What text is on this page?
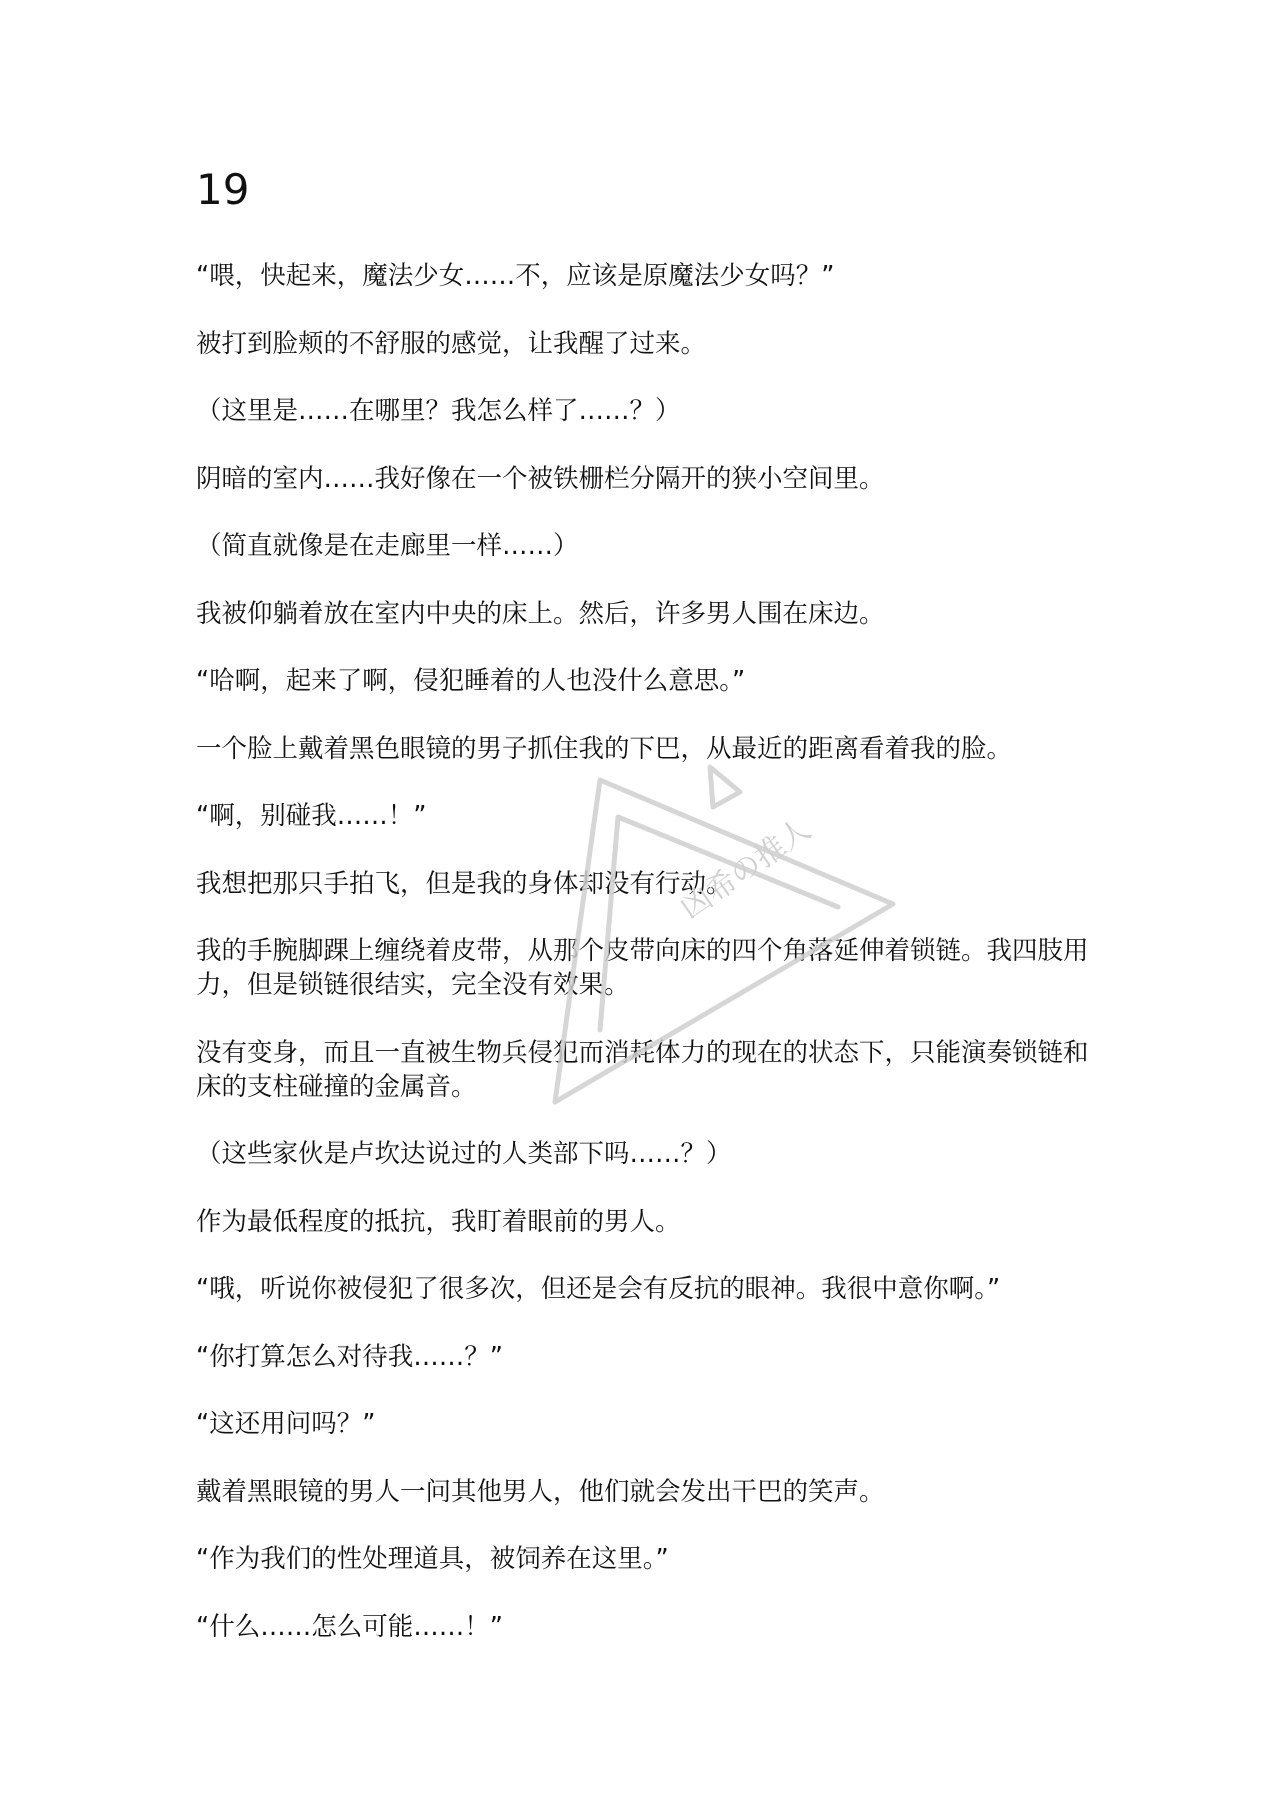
19

“喂，快起来，魔法少女……不，应该是原魔法少女吗？”

被打到脸颊的不舒服的感觉，让我醒了过来。

（这里是……在哪里？我怎么样了……？）

阴暗的室内……我好像在一个被铁栅栏分隔开的狭小空间里。

（简直就像是在走廊里一样……）

我被仰躺着放在室内中央的床上。然后，许多男人围在床边。

“哈啊，起来了啊，侵犯睡着的人也没什么意思。”

一个脸上戴着黑色眼镜的男子抓住我的下巴，从最近的距离看着我的脸。

“啊，别碰我……！”

我想把那只手拍飞，但是我的身体却没有行动。

我的手腕脚踝上缠绕着皮带，从那个皮带向床的四个角落延伸着锁链。我四肢用力，但是锁链很结实，完全没有效果。

没有变身，而且一直被生物兵侵犯而消耗体力的现在的状态下，只能演奏锁链和床的支柱碰撞的金属音。

（这些家伙是卢坎达说过的人类部下吗……？）

作为最低程度的抵抗，我盯着眼前的男人。

“哦，听说你被侵犯了很多次，但还是会有反抗的眼神。我很中意你啊。”

“你打算怎么对待我……？”

“这还用问吗？”

戴着黑眼镜的男人一问其他男人，他们就会发出干巴的笑声。

“作为我们的性处理道具，被饲养在这里。”

“什么……怎么可能……！”

凶希の推人
